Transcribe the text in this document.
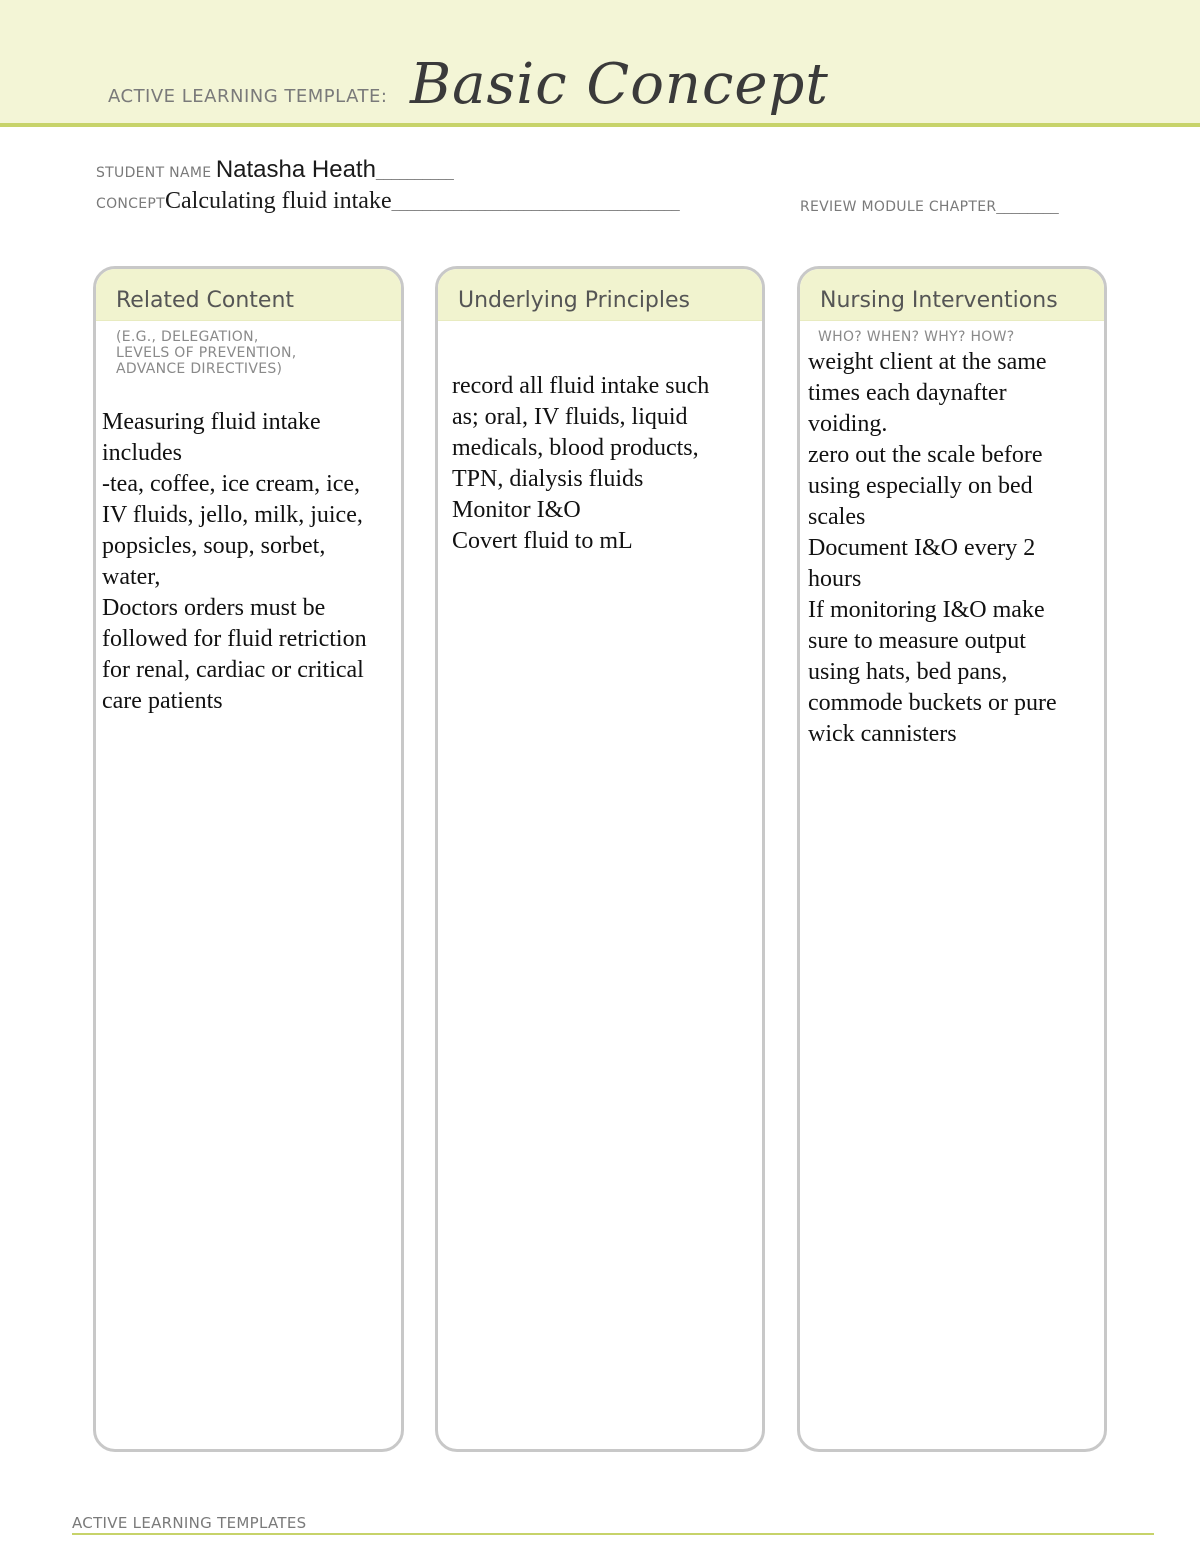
ACTIVE LEARNING TEMPLATE: Basic Concept
STUDENT NAME Natasha Heath__________
CONCEPTCalculating fluid intake_____________________________________	REVIEW MODULE CHAPTER________
Related Content
(E.G., DELEGATION,
LEVELS OF PREVENTION,
ADVANCE DIRECTIVES)
Measuring fluid intake
includes
-tea, coffee, ice cream, ice,
IV fluids, jello, milk, juice,
popsicles, soup, sorbet,
water,
Doctors orders must be
followed for fluid retriction
for renal, cardiac or critical
care patients
Underlying Principles
record all fluid intake such
as; oral, IV fluids, liquid
medicals, blood products,
TPN, dialysis fluids
Monitor I&O
Covert fluid to mL
Nursing Interventions
WHO? WHEN? WHY? HOW?
weight client at the same
times each daynafter
voiding.
zero out the scale before
using especially on bed
scales
Document I&O every 2
hours
If monitoring I&O make
sure to measure output
using hats, bed pans,
commode buckets or pure
wick cannisters
ACTIVE LEARNING TEMPLATES
